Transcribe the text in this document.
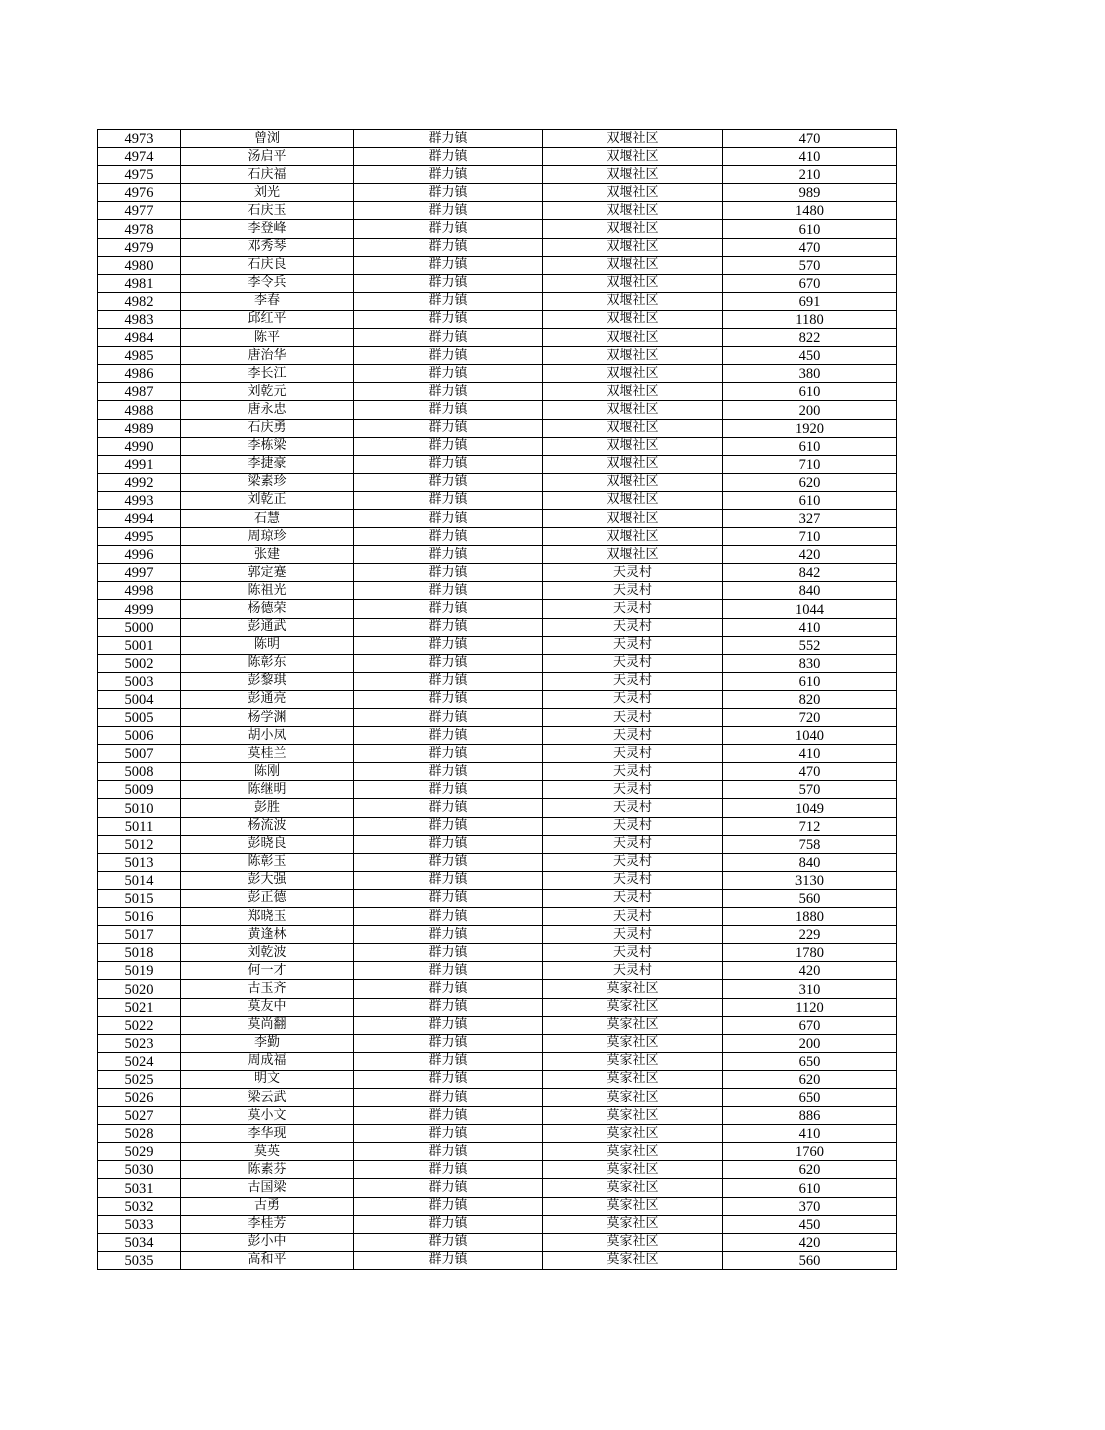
4973	曾浏	群力镇	双堰社区	470
4974	汤启平	群力镇	双堰社区	410
4975	石庆福	群力镇	双堰社区	210
4976	刘光	群力镇	双堰社区	989
4977	石庆玉	群力镇	双堰社区	1480
4978	李登峰	群力镇	双堰社区	610
4979	邓秀琴	群力镇	双堰社区	470
4980	石庆良	群力镇	双堰社区	570
4981	李令兵	群力镇	双堰社区	670
4982	李春	群力镇	双堰社区	691
4983	邱红平	群力镇	双堰社区	1180
4984	陈平	群力镇	双堰社区	822
4985	唐治华	群力镇	双堰社区	450
4986	李长江	群力镇	双堰社区	380
4987	刘乾元	群力镇	双堰社区	610
4988	唐永忠	群力镇	双堰社区	200
4989	石庆勇	群力镇	双堰社区	1920
4990	李栋梁	群力镇	双堰社区	610
4991	李捷豪	群力镇	双堰社区	710
4992	梁素珍	群力镇	双堰社区	620
4993	刘乾正	群力镇	双堰社区	610
4994	石慧	群力镇	双堰社区	327
4995	周琼珍	群力镇	双堰社区	710
4996	张建	群力镇	双堰社区	420
4997	郭定蹇	群力镇	天灵村	842
4998	陈祖光	群力镇	天灵村	840
4999	杨德荣	群力镇	天灵村	1044
5000	彭通武	群力镇	天灵村	410
5001	陈明	群力镇	天灵村	552
5002	陈彰东	群力镇	天灵村	830
5003	彭黎琪	群力镇	天灵村	610
5004	彭通亮	群力镇	天灵村	820
5005	杨学渊	群力镇	天灵村	720
5006	胡小凤	群力镇	天灵村	1040
5007	莫桂兰	群力镇	天灵村	410
5008	陈刚	群力镇	天灵村	470
5009	陈继明	群力镇	天灵村	570
5010	彭胜	群力镇	天灵村	1049
5011	杨流波	群力镇	天灵村	712
5012	彭晓良	群力镇	天灵村	758
5013	陈彰玉	群力镇	天灵村	840
5014	彭大强	群力镇	天灵村	3130
5015	彭正德	群力镇	天灵村	560
5016	郑晓玉	群力镇	天灵村	1880
5017	黄逢林	群力镇	天灵村	229
5018	刘乾波	群力镇	天灵村	1780
5019	何一才	群力镇	天灵村	420
5020	古玉齐	群力镇	莫家社区	310
5021	莫友中	群力镇	莫家社区	1120
5022	莫尚翻	群力镇	莫家社区	670
5023	李勤	群力镇	莫家社区	200
5024	周成福	群力镇	莫家社区	650
5025	明文	群力镇	莫家社区	620
5026	梁云武	群力镇	莫家社区	650
5027	莫小文	群力镇	莫家社区	886
5028	李华现	群力镇	莫家社区	410
5029	莫英	群力镇	莫家社区	1760
5030	陈素芬	群力镇	莫家社区	620
5031	古国梁	群力镇	莫家社区	610
5032	古勇	群力镇	莫家社区	370
5033	李桂芳	群力镇	莫家社区	450
5034	彭小中	群力镇	莫家社区	420
5035	高和平	群力镇	莫家社区	560
